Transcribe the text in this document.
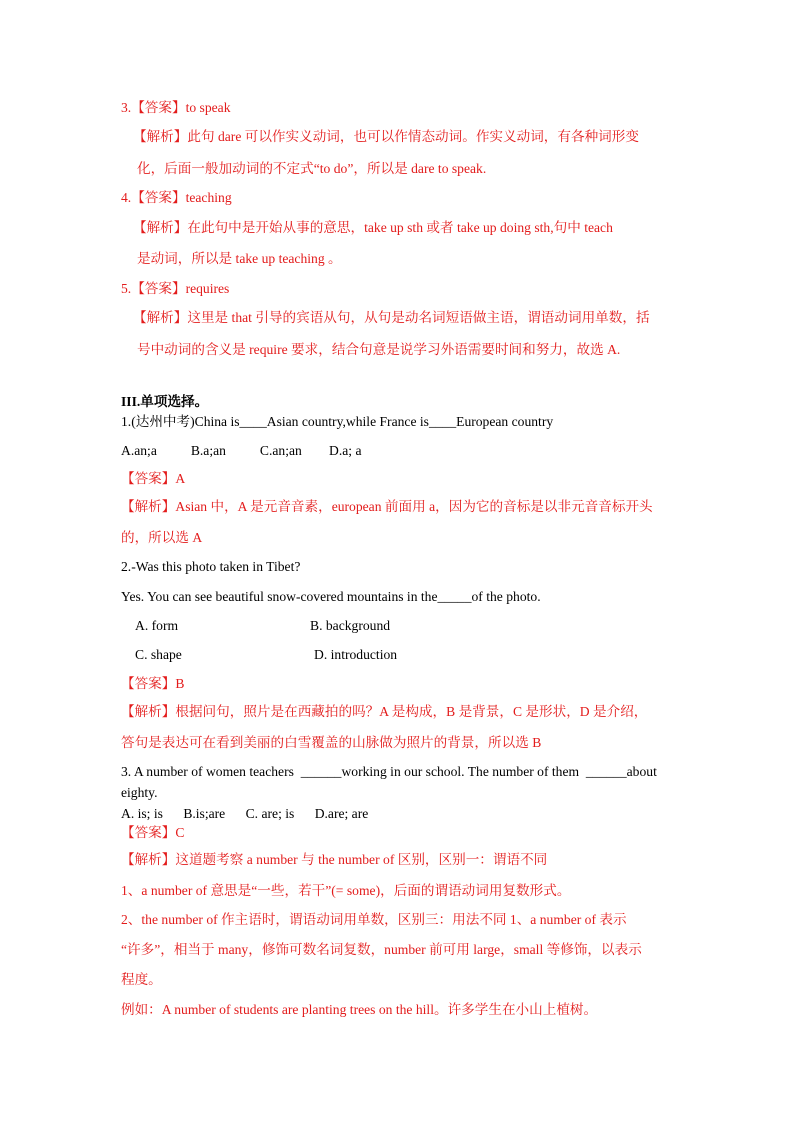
3.【答案】to speak
【解析】此句 dare 可以作实义动词，也可以作情态动词。作实义动词，有各种词形变
化，后面一般加动词的不定式“to do”，所以是 dare to speak.
4.【答案】teaching
【解析】在此句中是开始从事的意思，take up sth 或者 take up doing sth,句中 teach
是动词，所以是 take up teaching 。
5.【答案】requires
【解析】这里是 that 引导的宾语从句，从句是动名词短语做主语，谓语动词用单数，括
号中动词的含义是 require 要求，结合句意是说学习外语需要时间和努力，故选 A.
III.单项选择。
1.(达州中考)China is____Asian country,while France is____European country
A.an;a          B.a;an          C.an;an        D.a; a
【答案】A
【解析】Asian 中，A 是元音音素，european 前面用 a，因为它的音标是以非元音音标开头
的，所以选 A
2.-Was this photo taken in Tibet?
Yes. You can see beautiful snow-covered mountains in the_____of the photo.
A. form	B. background
C. shape	D. introduction
【答案】B
【解析】根据问句，照片是在西藏拍的吗？A 是构成，B 是背景，C 是形状，D 是介绍，
答句是表达可在看到美丽的白雪覆盖的山脉做为照片的背景，所以选 B
3. A number of women teachers  ______working in our school. The number of them  ______about
eighty.
A. is; is      B.is;are      C. are; is      D.are; are
【答案】C
【解析】这道题考察 a number 与 the number of 区别，区别一：谓语不同
1、a number of 意思是“一些，若干”(= some)，后面的谓语动词用复数形式。
2、the number of 作主语时，谓语动词用单数，区别三：用法不同 1、a number of 表示
“许多”，相当于 many，修饰可数名词复数，number 前可用 large，small 等修饰，以表示
程度。
例如：A number of students are planting trees on the hill。许多学生在小山上植树。
